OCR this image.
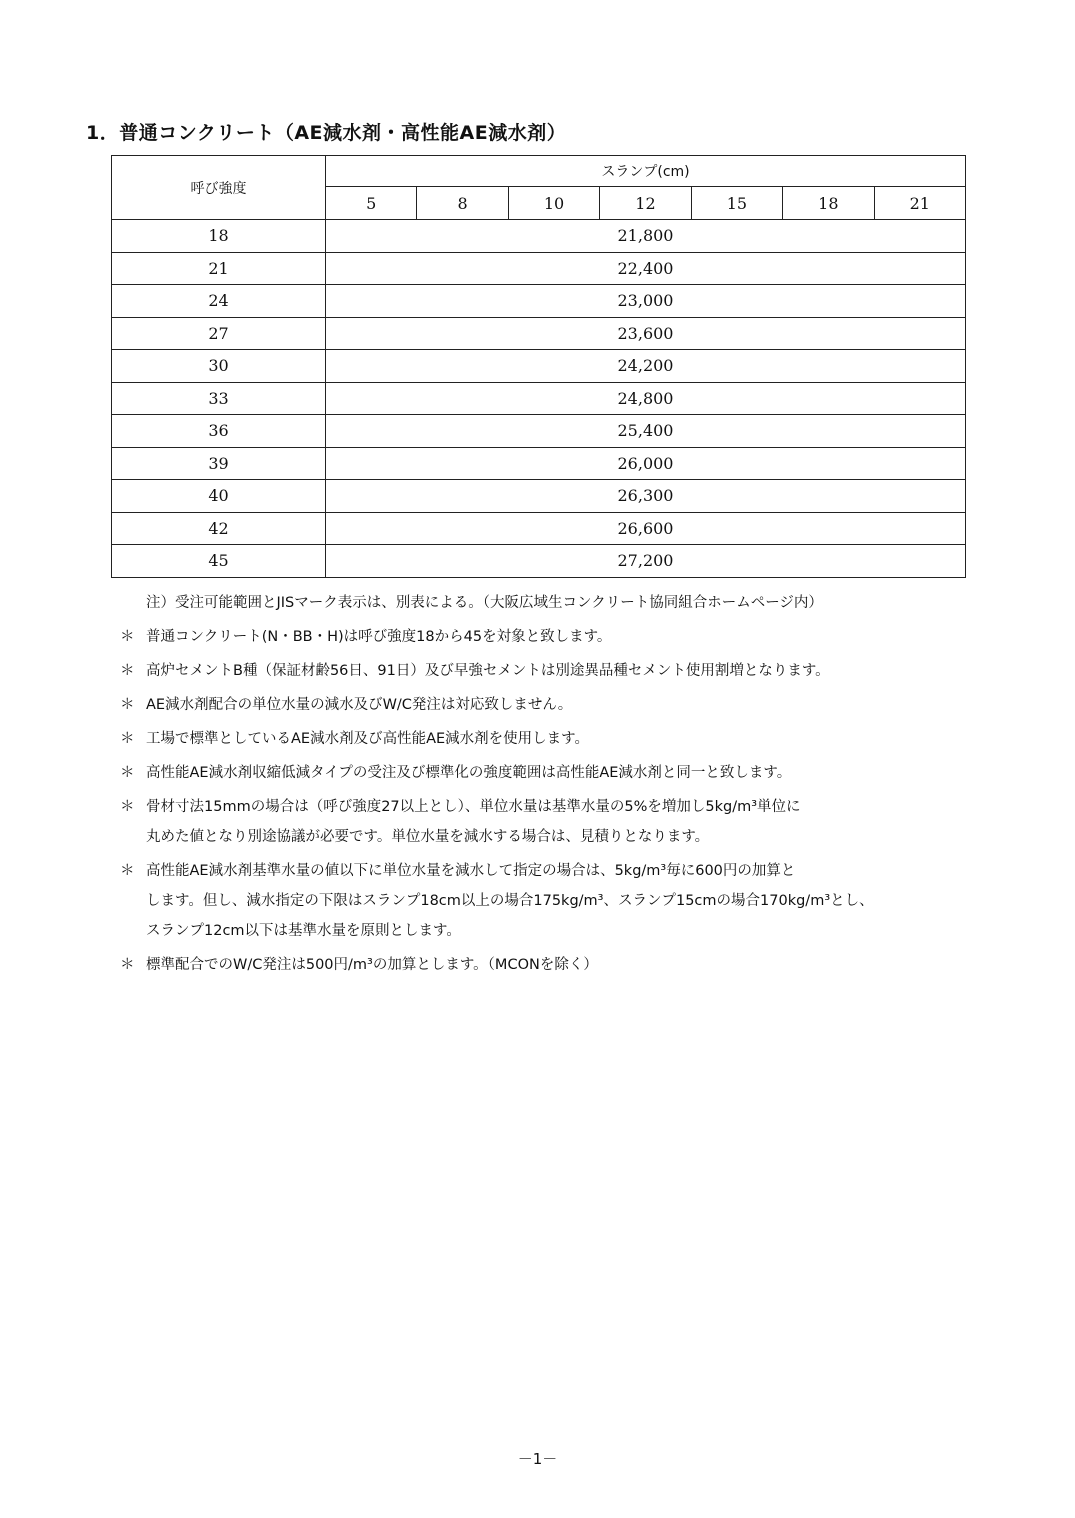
1．普通コンクリート（AE減水剤・高性能AE減水剤）
呼び強度	スランプ(cm)						
	5	8	10	12	15	18	21
18	21,800						
21	22,400						
24	23,000						
27	23,600						
30	24,200						
33	24,800						
36	25,400						
39	26,000						
40	26,300						
42	26,600						
45	27,200						
注）受注可能範囲とJISマーク表示は、別表による。（大阪広域生コンクリート協同組合ホームページ内）
＊ 普通コンクリート(N・BB・H)は呼び強度18から45を対象と致します。
＊ 高炉セメントB種（保証材齢56日、91日）及び早強セメントは別途異品種セメント使用割増となります。
＊ AE減水剤配合の単位水量の減水及びW/C発注は対応致しません。
＊ 工場で標準としているAE減水剤及び高性能AE減水剤を使用します。
＊ 高性能AE減水剤収縮低減タイプの受注及び標準化の強度範囲は高性能AE減水剤と同一と致します。
＊ 骨材寸法15mmの場合は（呼び強度27以上とし）、単位水量は基準水量の5%を増加し5kg/m³単位に
丸めた値となり別途協議が必要です。単位水量を減水する場合は、見積りとなります。
＊ 高性能AE減水剤基準水量の値以下に単位水量を減水して指定の場合は、5kg/m³毎に600円の加算と
します。但し、減水指定の下限はスランプ18cm以上の場合175kg/m³、スランプ15cmの場合170kg/m³とし、
スランプ12cm以下は基準水量を原則とします。
＊ 標準配合でのW/C発注は500円/m³の加算とします。（MCONを除く）
－1－
